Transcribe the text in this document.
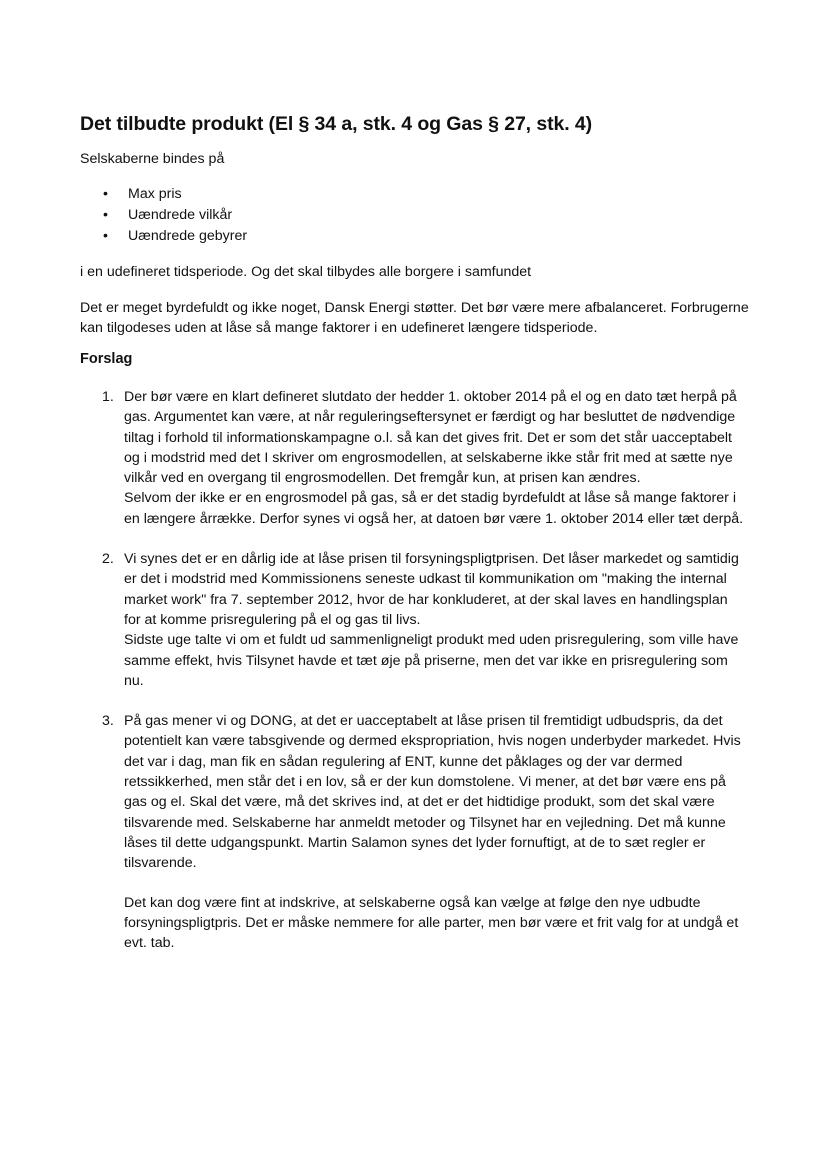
Det tilbudte produkt (El § 34 a, stk. 4 og Gas § 27, stk. 4)

Selskaberne bindes på

• Max pris
• Uændrede vilkår
• Uændrede gebyrer

i en udefineret tidsperiode. Og det skal tilbydes alle borgere i samfundet

Det er meget byrdefuldt og ikke noget, Dansk Energi støtter. Det bør være mere afbalanceret. Forbrugerne kan tilgodeses uden at låse så mange faktorer i en udefineret længere tidsperiode.

Forslag

1. Der bør være en klart defineret slutdato der hedder 1. oktober 2014 på el og en dato tæt herpå på gas. Argumentet kan være, at når reguleringseftersynet er færdigt og har besluttet de nødvendige tiltag i forhold til informationskampagne o.l. så kan det gives frit. Det er som det står uacceptabelt og i modstrid med det I skriver om engrosmodellen, at selskaberne ikke står frit med at sætte nye vilkår ved en overgang til engrosmodellen. Det fremgår kun, at prisen kan ændres.

Selvom der ikke er en engrosmodel på gas, så er det stadig byrdefuldt at låse så mange faktorer i en længere årrække. Derfor synes vi også her, at datoen bør være 1. oktober 2014 eller tæt derpå.

2. Vi synes det er en dårlig ide at låse prisen til forsyningspligtprisen. Det låser markedet og samtidig er det i modstrid med Kommissionens seneste udkast til kommunikation om "making the internal market work" fra 7. september 2012, hvor de har konkluderet, at der skal laves en handlingsplan for at komme prisregulering på el og gas til livs.

Sidste uge talte vi om et fuldt ud sammenligneligt produkt med uden prisregulering, som ville have samme effekt, hvis Tilsynet havde et tæt øje på priserne, men det var ikke en prisregulering som nu.

3. På gas mener vi og DONG, at det er uacceptabelt at låse prisen til fremtidigt udbudspris, da det potentielt kan være tabsgivende og dermed ekspropriation, hvis nogen underbyder markedet. Hvis det var i dag, man fik en sådan regulering af ENT, kunne det påklages og der var dermed retssikkerhed, men står det i en lov, så er der kun domstolene. Vi mener, at det bør være ens på gas og el. Skal det være, må det skrives ind, at det er det hidtidige produkt, som det skal være tilsvarende med. Selskaberne har anmeldt metoder og Tilsynet har en vejledning. Det må kunne låses til dette udgangspunkt. Martin Salamon synes det lyder fornuftigt, at de to sæt regler er tilsvarende.

Det kan dog være fint at indskrive, at selskaberne også kan vælge at følge den nye udbudte forsyningspligtpris. Det er måske nemmere for alle parter, men bør være et frit valg for at undgå et evt. tab.
